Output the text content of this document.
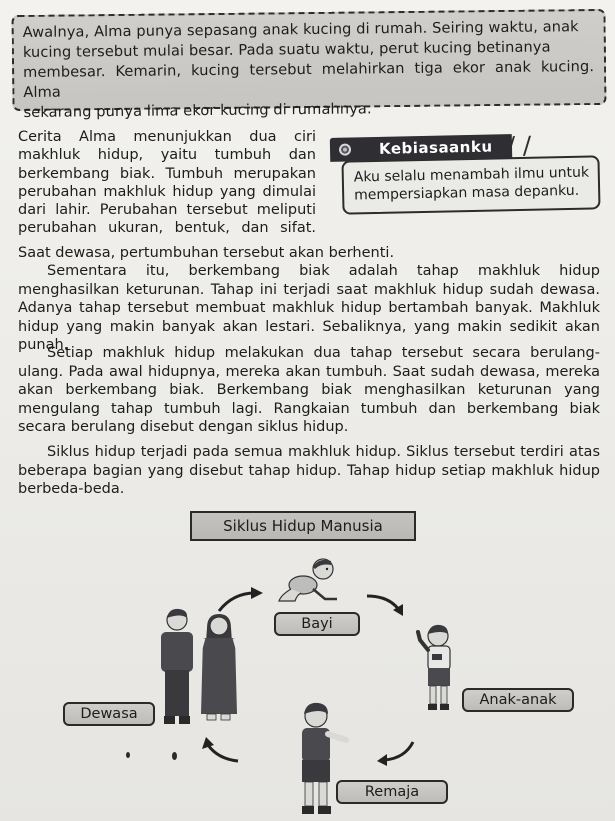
Awalnya, Alma punya sepasang anak kucing di rumah. Seiring waktu, anak

kucing tersebut mulai besar. Pada suatu waktu, perut kucing betinanya

membesar. Kemarin, kucing tersebut melahirkan tiga ekor anak kucing. Alma

sekarang punya lima ekor kucing di rumahnya.

Cerita Alma menunjukkan dua ciri

makhluk hidup, yaitu tumbuh dan

berkembang biak. Tumbuh merupakan

perubahan makhluk hidup yang dimulai

dari lahir. Perubahan tersebut meliputi

perubahan ukuran, bentuk, dan sifat.

Saat dewasa, pertumbuhan tersebut akan berhenti.

Aku selalu menambah ilmu untuk

mempersiapkan masa depanku.

Kebiasaanku

Sementara itu, berkembang biak adalah tahap makhluk hidup menghasilkan keturunan. Tahap ini terjadi saat makhluk hidup sudah dewasa. Adanya tahap tersebut membuat makhluk hidup bertambah banyak. Makhluk hidup yang makin banyak akan lestari. Sebaliknya, yang makin sedikit akan punah.

Setiap makhluk hidup melakukan dua tahap tersebut secara berulang-ulang. Pada awal hidupnya, mereka akan tumbuh. Saat sudah dewasa, mereka akan berkembang biak. Berkembang biak menghasilkan keturunan yang mengulang tahap tumbuh lagi. Rangkaian tumbuh dan berkembang biak secara berulang disebut dengan siklus hidup.

Siklus hidup terjadi pada semua makhluk hidup. Siklus tersebut terdiri atas beberapa bagian yang disebut tahap hidup. Tahap hidup setiap makhluk hidup berbeda-beda.

Siklus Hidup Manusia
Bayi
Anak-anak
Remaja
Dewasa
